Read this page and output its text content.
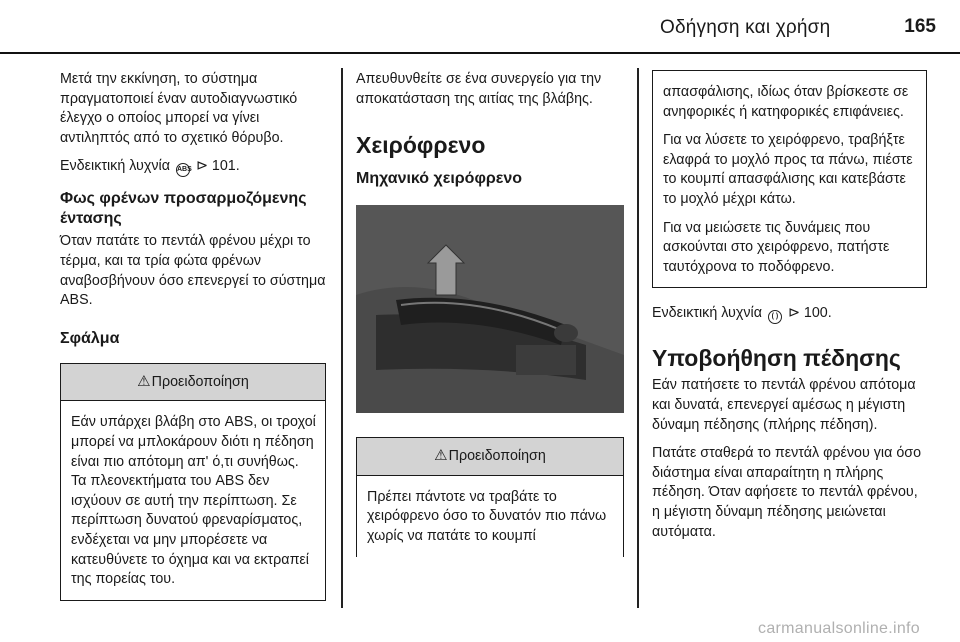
Οδήγηση και χρήση	165

Μετά την εκκίνηση, το σύστημα πραγματοποιεί έναν αυτοδιαγνωστικό έλεγχο ο οποίος μπορεί να γίνει αντιληπτός από το σχετικό θόρυβο.

Ενδεικτική λυχνία ABS ⊳ 101.

Φως φρένων προσαρμοζόμενης έντασης

Όταν πατάτε το πεντάλ φρένου μέχρι το τέρμα, και τα τρία φώτα φρένων αναβοσβήνουν όσο επενεργεί το σύστημα ABS.

Σφάλμα
⚠Προειδοποίηση
Εάν υπάρχει βλάβη στο ABS, οι τροχοί μπορεί να μπλοκάρουν διότι η πέδηση είναι πιο απότομη απ' ό,τι συνήθως. Τα πλεονεκτήματα του ABS δεν ισχύουν σε αυτή την περίπτωση. Σε περίπτωση δυνατού φρεναρίσματος, ενδέχεται να μην μπορέσετε να κατευθύνετε το όχημα και να εκτραπεί της πορείας του.

Απευθυνθείτε σε ένα συνεργείο για την αποκατάσταση της αιτίας της βλάβης.

Χειρόφρενο
Μηχανικό χειρόφρενο
⚠Προειδοποίηση
Πρέπει πάντοτε να τραβάτε το χειρόφρενο όσο το δυνατόν πιο πάνω χωρίς να πατάτε το κουμπί

απασφάλισης, ιδίως όταν βρίσκεστε σε ανηφορικές ή κατηφορικές επιφάνειες.

Για να λύσετε το χειρόφρενο, τραβήξτε ελαφρά το μοχλό προς τα πάνω, πιέστε το κουμπί απασφάλισης και κατεβάστε το μοχλό μέχρι κάτω.

Για να μειώσετε τις δυνάμεις που ασκούνται στο χειρόφρενο, πατήστε ταυτόχρονα το ποδόφρενο.

Ενδεικτική λυχνία ( ) ⊳ 100.

Υποβοήθηση πέδησης

Εάν πατήσετε το πεντάλ φρένου απότομα και δυνατά, επενεργεί αμέσως η μέγιστη δύναμη πέδησης (πλήρης πέδηση).

Πατάτε σταθερά το πεντάλ φρένου για όσο διάστημα είναι απαραίτητη η πλήρης πέδηση. Όταν αφήσετε το πεντάλ φρένου, η μέγιστη δύναμη πέδησης μειώνεται αυτόματα.

carmanualsonline.info
